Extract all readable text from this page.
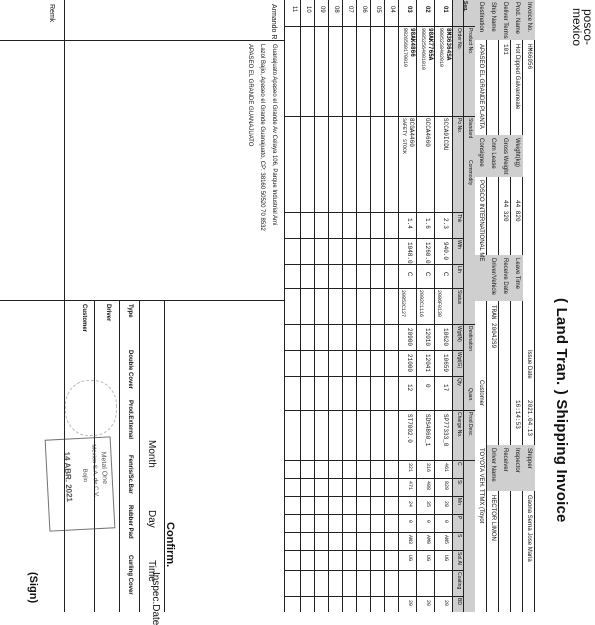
posco-
mexico
( Land Tran. ) Shipping Invoice
Invoice No.
HM66056
Issue Date
2021.04.13
Shipper
Gaona Serna Jose Maria
Prod. Name
Hot Dipped Galvanneale
Weight(kg)
44 820
Leave Time
16:14:53
Inspector
Deliver Terms
101
Gross Weight
44 320
Receive Date
Receiver
Ship Name
Cnm Lease
Driver/Vehicle
TRAN 2004JS9
Driver Name
HECTOR LIMON
Destination
APASEO EL GRANDE PLANTA
Consignee
POSCO INTERNATIONAL ME
Customer
TOYOTA VEH. TTMX (Toyot
Seq.
Product No.
Order No.
Po No. Standard
Commodity
Thk
Wth
Lth
Status
Wgt(N)
Wgt(G)
Qty
Destination
Quan.
Charge No. Prod.Desc.
C
Si
Mn
P
S
Sol.Al
Coating
BD
01
8M36364SA
98052S8462010
SCCA9ICDU
2.3
940.0
C
10620
10659
17
SP77333_0
461
828
28
0
AN5
UG
20
2086F0130
02
98AK7765A
98052564601010
GCCA4660
1.6
1260.0
C
12010
12041
0
SDS4860_1
316
488
35
0
AM0
UG
20
2092C1116
03
98AK4866
8826560170010
8CGA4460
SAFETY STOCK
1.4
1048.0
C
20900
21000
12
ST7002.0
321
471
24
0
AN3
UG
20
20852C127
04
05
06
07
08
09
10
11
Armando R.
Guanajuato Apaseo el Grande Av Celaya 106, Parque Industrial Ami
Lazol Bajio, Apaseo el Grande Guanajuato, CP: 38160 50520 70 8532
APASEO EL GRANDE GUANAJUATO
Remk
Confirm.
Inspec.Date
Month
Day
Time
Type
Driver
Customer
Double Cover
Prod.External
Fenris/Sc.Bar
Rubber Pad
Curling Cover
(Sign)
Metal One
Mexico S.A. de C.V.
Bajio
14 ABR. 2021
